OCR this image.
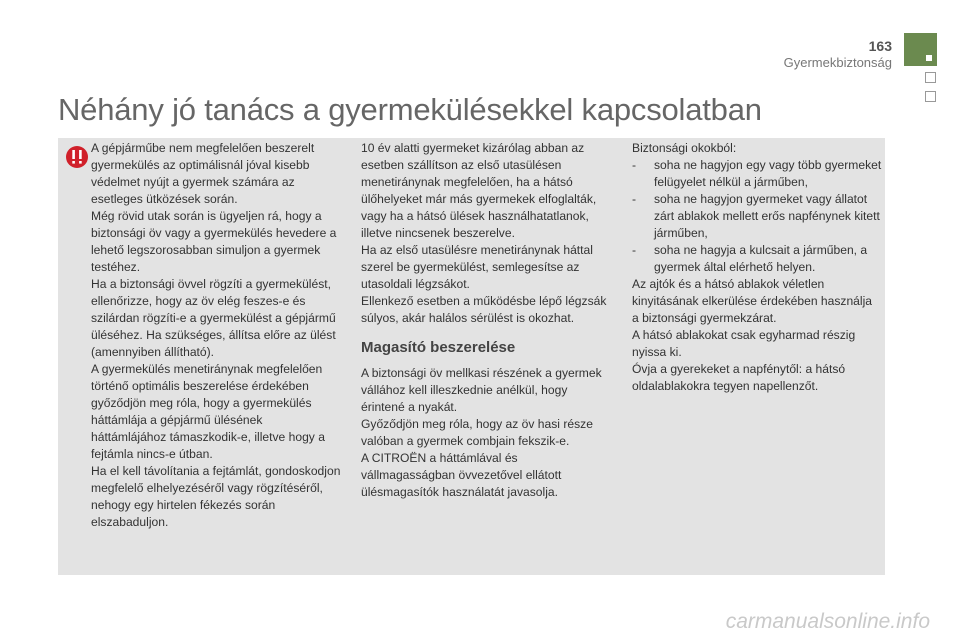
163
Gyermekbiztonság
Néhány jó tanács a gyermekülésekkel kapcsolatban

A gépjárműbe nem megfelelően beszerelt gyermekülés az optimálisnál jóval kisebb védelmet nyújt a gyermek számára az esetleges ütközések során.

Még rövid utak során is ügyeljen rá, hogy a biztonsági öv vagy a gyermekülés hevedere a lehető legszorosabban simuljon a gyermek testéhez.

Ha a biztonsági övvel rögzíti a gyermekülést, ellenőrizze, hogy az öv elég feszes-e és szilárdan rögzíti-e a gyermekülést a gépjármű üléséhez. Ha szükséges, állítsa előre az ülést (amennyiben állítható).

A gyermekülés menetiránynak megfelelően történő optimális beszerelése érdekében győződjön meg róla, hogy a gyermekülés háttámlája a gépjármű ülésének háttámlájához támaszkodik-e, illetve hogy a fejtámla nincs-e útban.

Ha el kell távolítania a fejtámlát, gondoskodjon megfelelő elhelyezéséről vagy rögzítéséről, nehogy egy hirtelen fékezés során elszabaduljon.

10 év alatti gyermeket kizárólag abban az esetben szállítson az első utasülésen menetiránynak megfelelően, ha a hátsó ülőhelyeket már más gyermekek elfoglalták, vagy ha a hátsó ülések használhatatlanok, illetve nincsenek beszerelve.

Ha az első utasülésre menetiránynak háttal szerel be gyermekülést, semlegesítse az utasoldali légzsákot.

Ellenkező esetben a működésbe lépő légzsák súlyos, akár halálos sérülést is okozhat.

Magasító beszerelése

A biztonsági öv mellkasi részének a gyermek vállához kell illeszkednie anélkül, hogy érintené a nyakát.

Győződjön meg róla, hogy az öv hasi része valóban a gyermek combjain fekszik-e.

A CITROËN a háttámlával és vállmagasságban övvezetővel ellátott ülésmagasítók használatát javasolja.

Biztonsági okokból:

- soha ne hagyjon egy vagy több gyermeket felügyelet nélkül a járműben,
- soha ne hagyjon gyermeket vagy állatot zárt ablakok mellett erős napfénynek kitett járműben,
- soha ne hagyja a kulcsait a járműben, a gyermek által elérhető helyen.

Az ajtók és a hátsó ablakok véletlen kinyitásának elkerülése érdekében használja a biztonsági gyermekzárat.

A hátsó ablakokat csak egyharmad részig nyissa ki.

Óvja a gyerekeket a napfénytől: a hátsó oldalablakokra tegyen napellenzőt.

carmanualsonline.info
